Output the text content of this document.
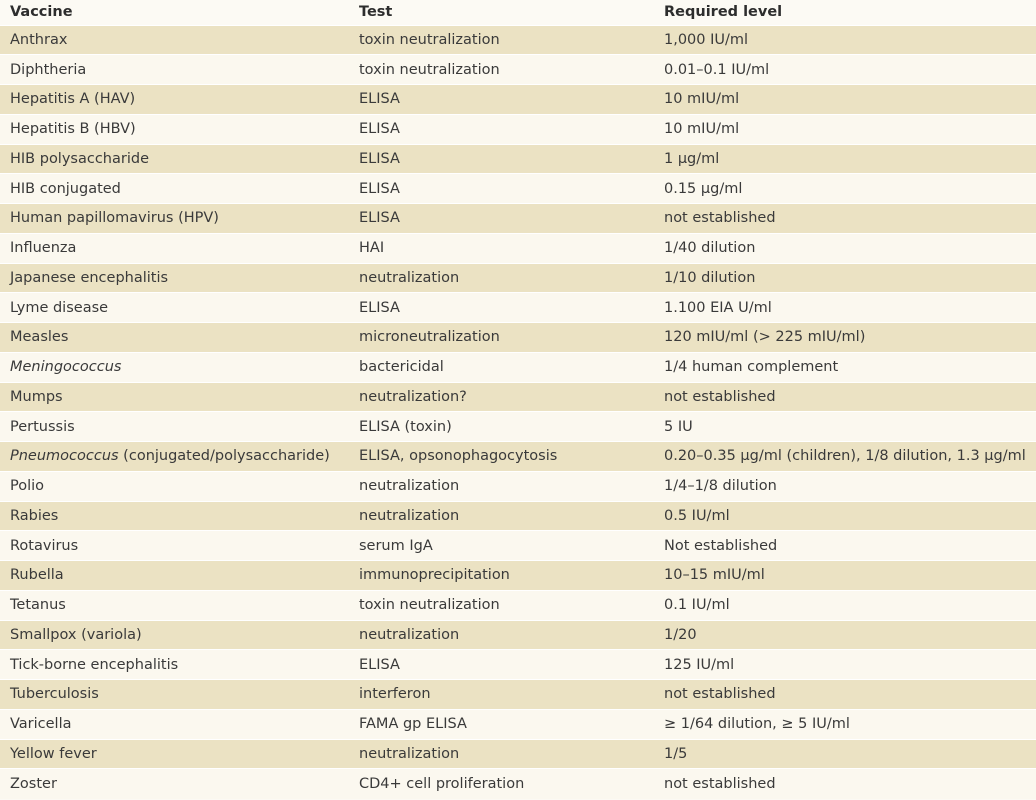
Vaccine	Test	Required level
Anthrax	toxin neutralization	1,000 IU/ml
Diphtheria	toxin neutralization	0.01–0.1 IU/ml
Hepatitis A (HAV)	ELISA	10 mIU/ml
Hepatitis B (HBV)	ELISA	10 mIU/ml
HIB polysaccharide	ELISA	1 µg/ml
HIB conjugated	ELISA	0.15 µg/ml
Human papillomavirus (HPV)	ELISA	not established
Influenza	HAI	1/40 dilution
Japanese encephalitis	neutralization	1/10 dilution
Lyme disease	ELISA	1.100 EIA U/ml
Measles	microneutralization	120 mIU/ml (> 225 mIU/ml)
Meningococcus	bactericidal	1/4 human complement
Mumps	neutralization?	not established
Pertussis	ELISA (toxin)	5 IU
Pneumococcus (conjugated/polysaccharide)	ELISA, opsonophagocytosis	0.20–0.35 µg/ml (children), 1/8 dilution, 1.3 µg/ml
Polio	neutralization	1/4–1/8 dilution
Rabies	neutralization	0.5 IU/ml
Rotavirus	serum IgA	Not established
Rubella	immunoprecipitation	10–15 mIU/ml
Tetanus	toxin neutralization	0.1 IU/ml
Smallpox (variola)	neutralization	1/20
Tick-borne encephalitis	ELISA	125 IU/ml
Tuberculosis	interferon	not established
Varicella	FAMA gp ELISA	≥ 1/64 dilution, ≥ 5 IU/ml
Yellow fever	neutralization	1/5
Zoster	CD4+ cell proliferation	not established
